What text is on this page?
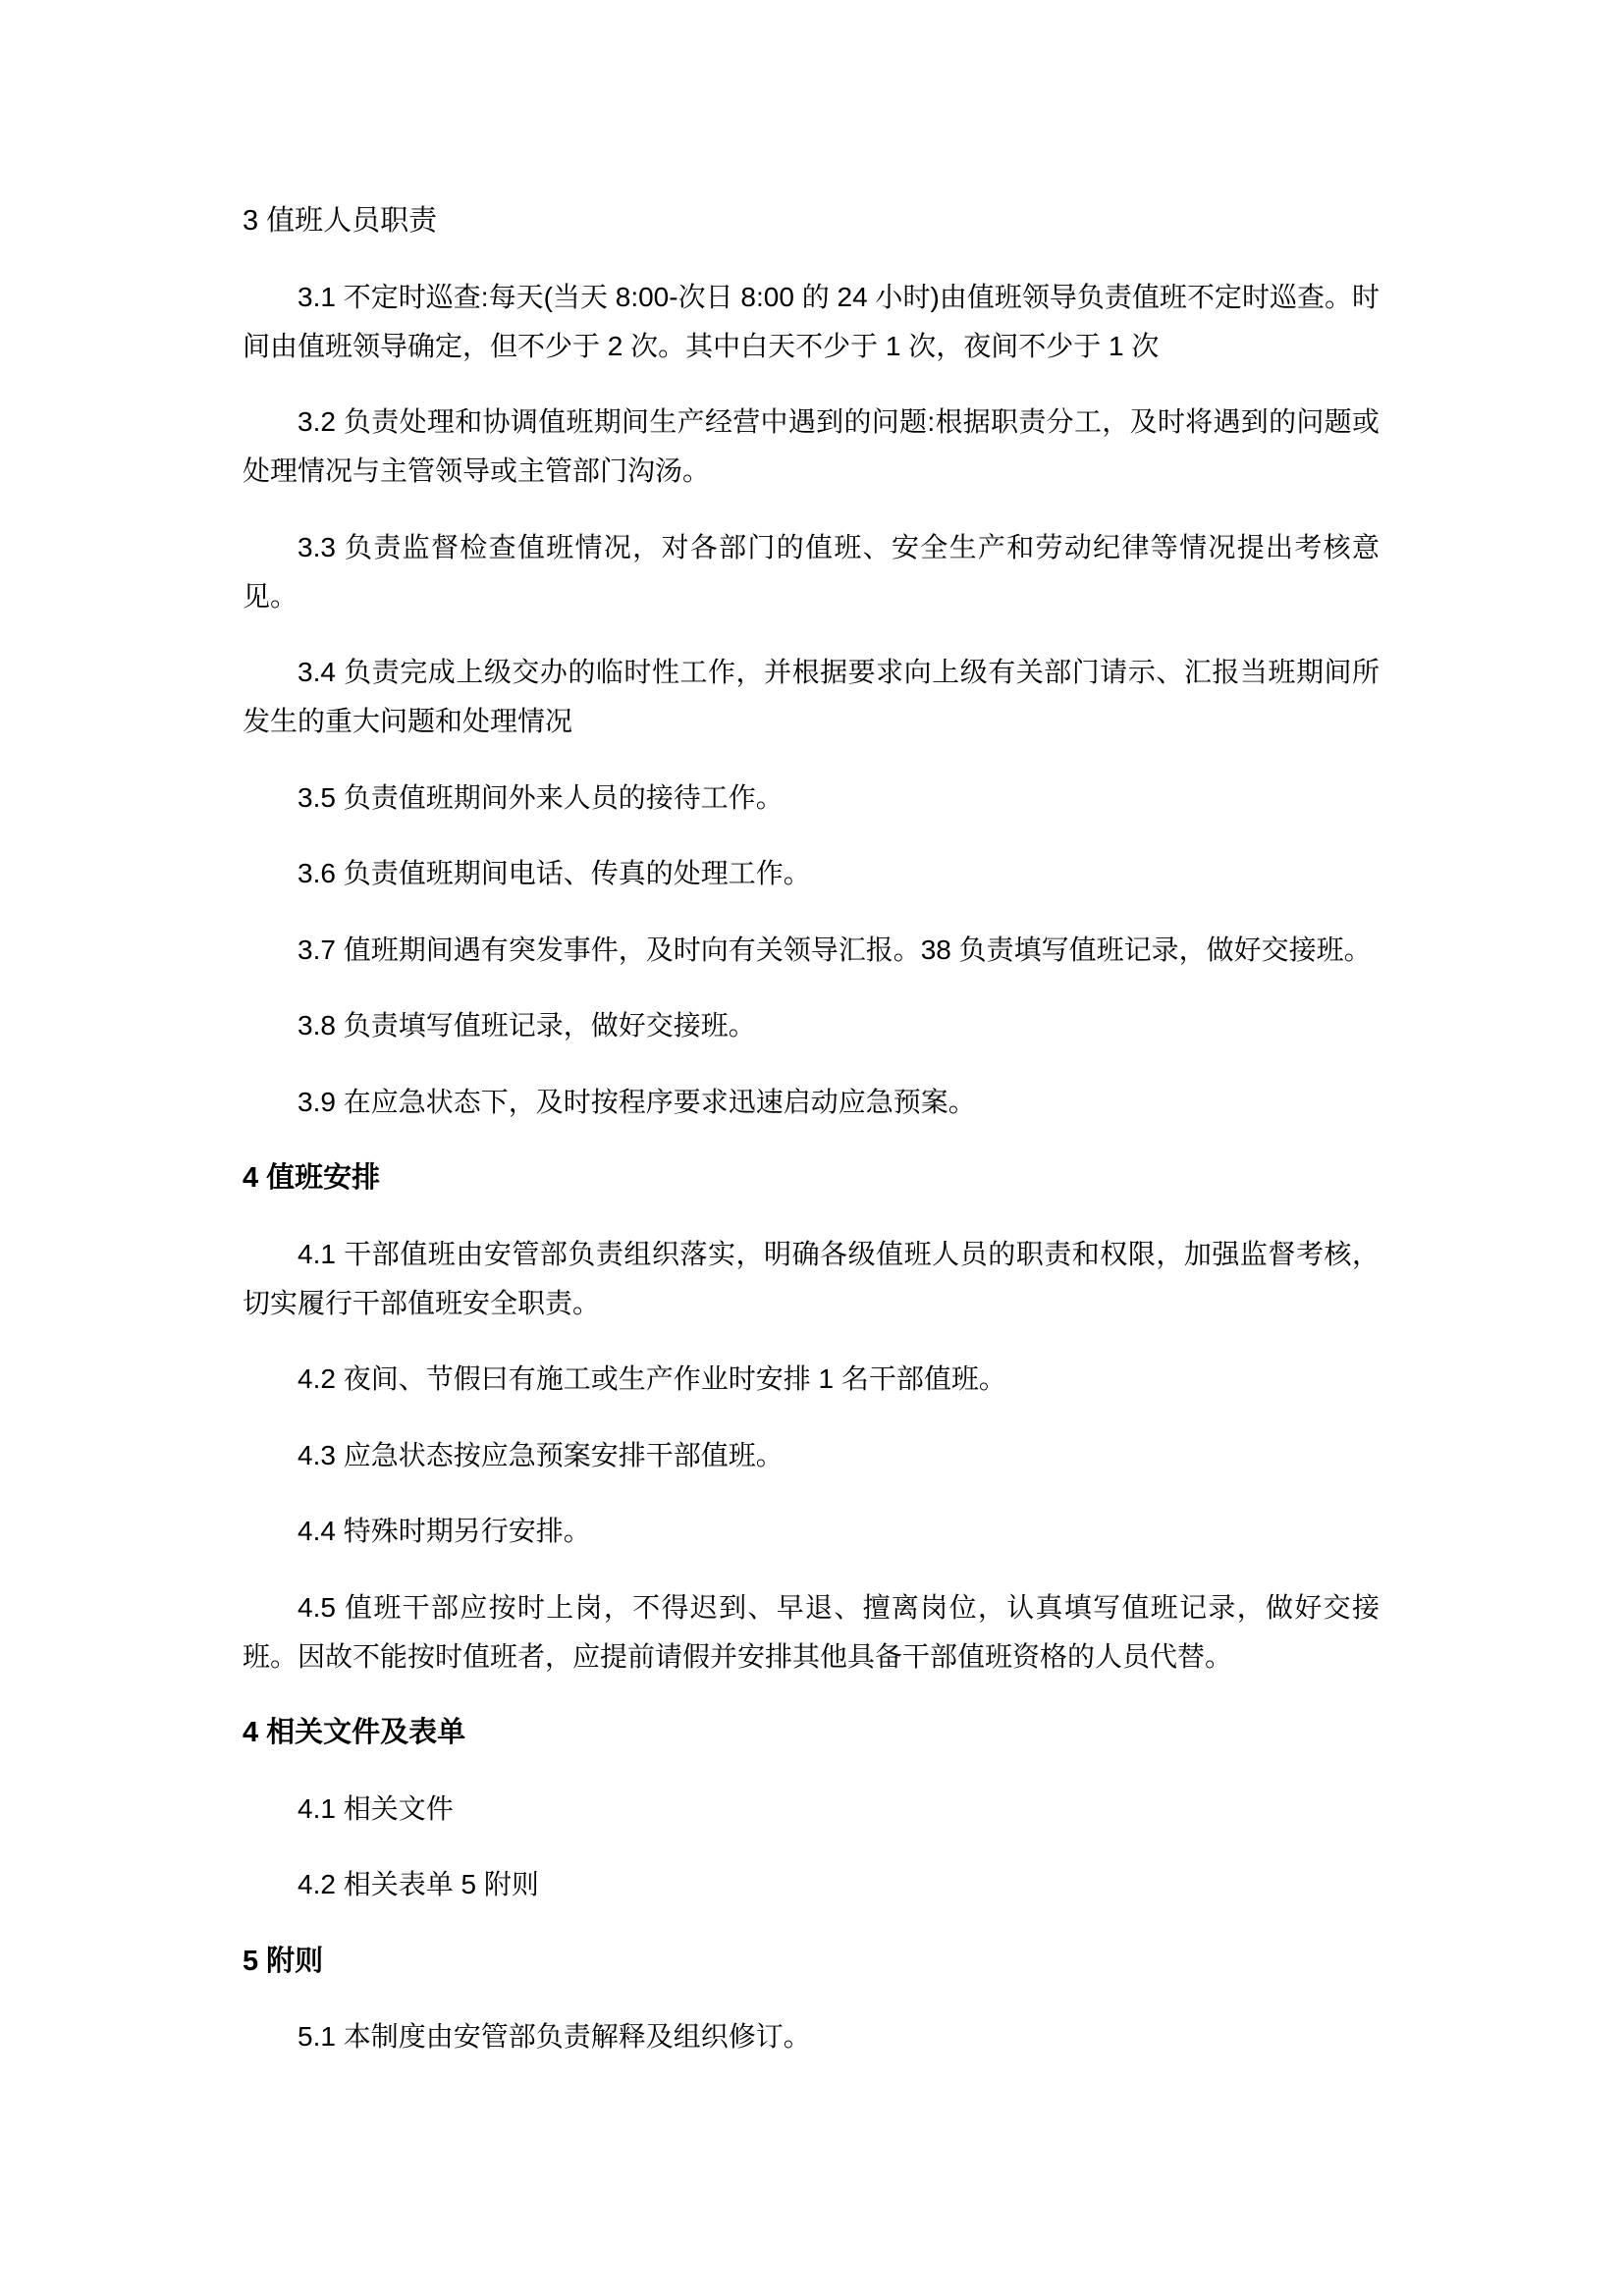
3 值班人员职责

3.1 不定时巡查:每天(当天 8:00-次日 8:00 的 24 小时)由值班领导负责值班不定时巡查。时间由值班领导确定，但不少于 2 次。其中白天不少于 1 次，夜间不少于 1 次

3.2 负责处理和协调值班期间生产经营中遇到的问题:根据职责分工，及时将遇到的问题或处理情况与主管领导或主管部门沟汤。

3.3 负责监督检查值班情况，对各部门的值班、安全生产和劳动纪律等情况提出考核意见。

3.4 负责完成上级交办的临时性工作，并根据要求向上级有关部门请示、汇报当班期间所发生的重大问题和处理情况

3.5 负责值班期间外来人员的接待工作。

3.6 负责值班期间电话、传真的处理工作。

3.7 值班期间遇有突发事件，及时向有关领导汇报。38 负责填写值班记录，做好交接班。

3.8 负责填写值班记录，做好交接班。

3.9 在应急状态下，及时按程序要求迅速启动应急预案。

4 值班安排

4.1 干部值班由安管部负责组织落实，明确各级值班人员的职责和权限，加强监督考核，切实履行干部值班安全职责。

4.2 夜间、节假曰有施工或生产作业时安排 1 名干部值班。

4.3 应急状态按应急预案安排干部值班。

4.4 特殊时期另行安排。

4.5 值班干部应按时上岗，不得迟到、早退、擅离岗位，认真填写值班记录，做好交接班。因故不能按时值班者，应提前请假并安排其他具备干部值班资格的人员代替。

4 相关文件及表单

4.1 相关文件

4.2 相关表单 5 附则

5 附则

5.1 本制度由安管部负责解释及组织修订。
